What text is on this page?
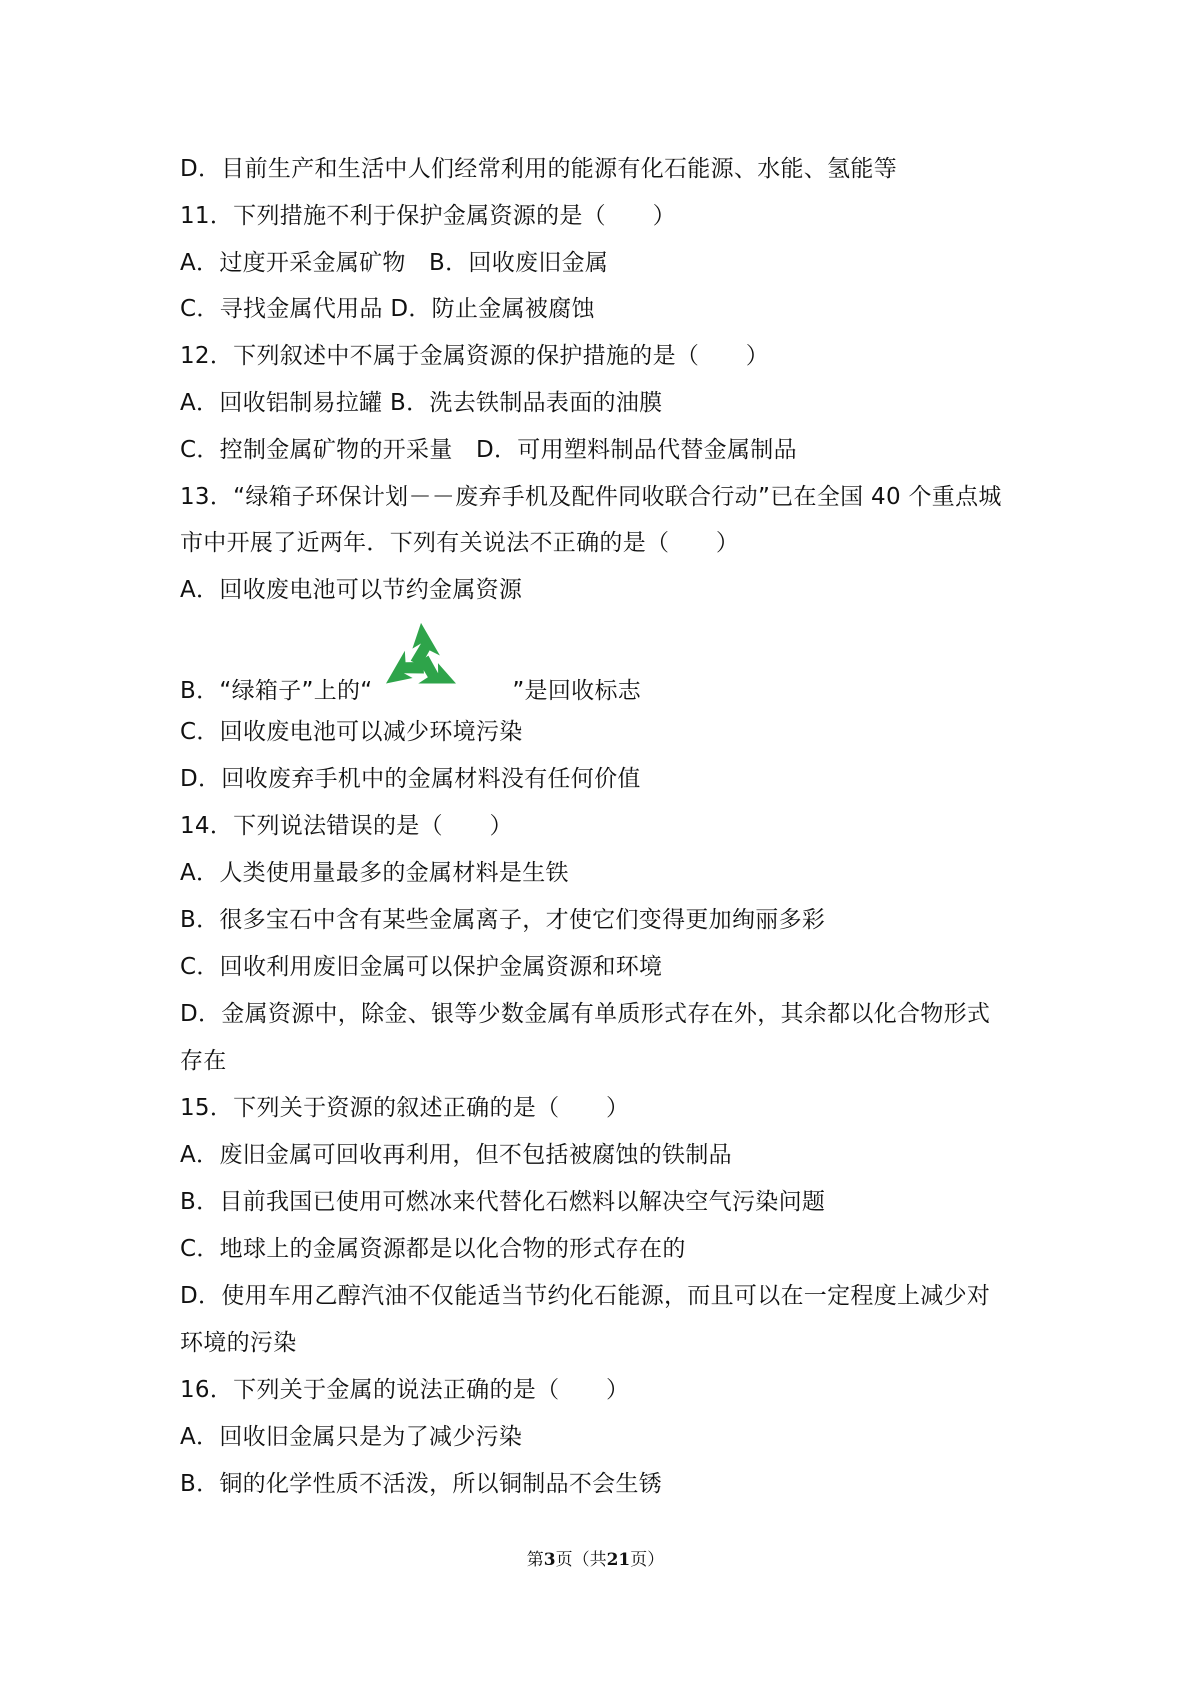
D．目前生产和生活中人们经常利用的能源有化石能源、水能、氢能等
11．下列措施不利于保护金属资源的是（　　）
A．过度开采金属矿物　B．回收废旧金属
C．寻找金属代用品 D．防止金属被腐蚀
12．下列叙述中不属于金属资源的保护措施的是（　　）
A．回收铝制易拉罐 B．洗去铁制品表面的油膜
C．控制金属矿物的开采量　D．可用塑料制品代替金属制品
13．“绿箱子环保计划－－废弃手机及配件同收联合行动”已在全国 40 个重点城
市中开展了近两年．下列有关说法不正确的是（　　）
A．回收废电池可以节约金属资源
B．“绿箱子”上的“　　　　　　”是回收标志
C．回收废电池可以减少环境污染
D．回收废弃手机中的金属材料没有任何价值
14．下列说法错误的是（　　）
A．人类使用量最多的金属材料是生铁
B．很多宝石中含有某些金属离子，才使它们变得更加绚丽多彩
C．回收利用废旧金属可以保护金属资源和环境
D．金属资源中，除金、银等少数金属有单质形式存在外，其余都以化合物形式
存在
15．下列关于资源的叙述正确的是（　　）
A．废旧金属可回收再利用，但不包括被腐蚀的铁制品
B．目前我国已使用可燃冰来代替化石燃料以解决空气污染问题
C．地球上的金属资源都是以化合物的形式存在的
D．使用车用乙醇汽油不仅能适当节约化石能源，而且可以在一定程度上减少对
环境的污染
16．下列关于金属的说法正确的是（　　）
A．回收旧金属只是为了减少污染
B．铜的化学性质不活泼，所以铜制品不会生锈
第3页（共21页）
